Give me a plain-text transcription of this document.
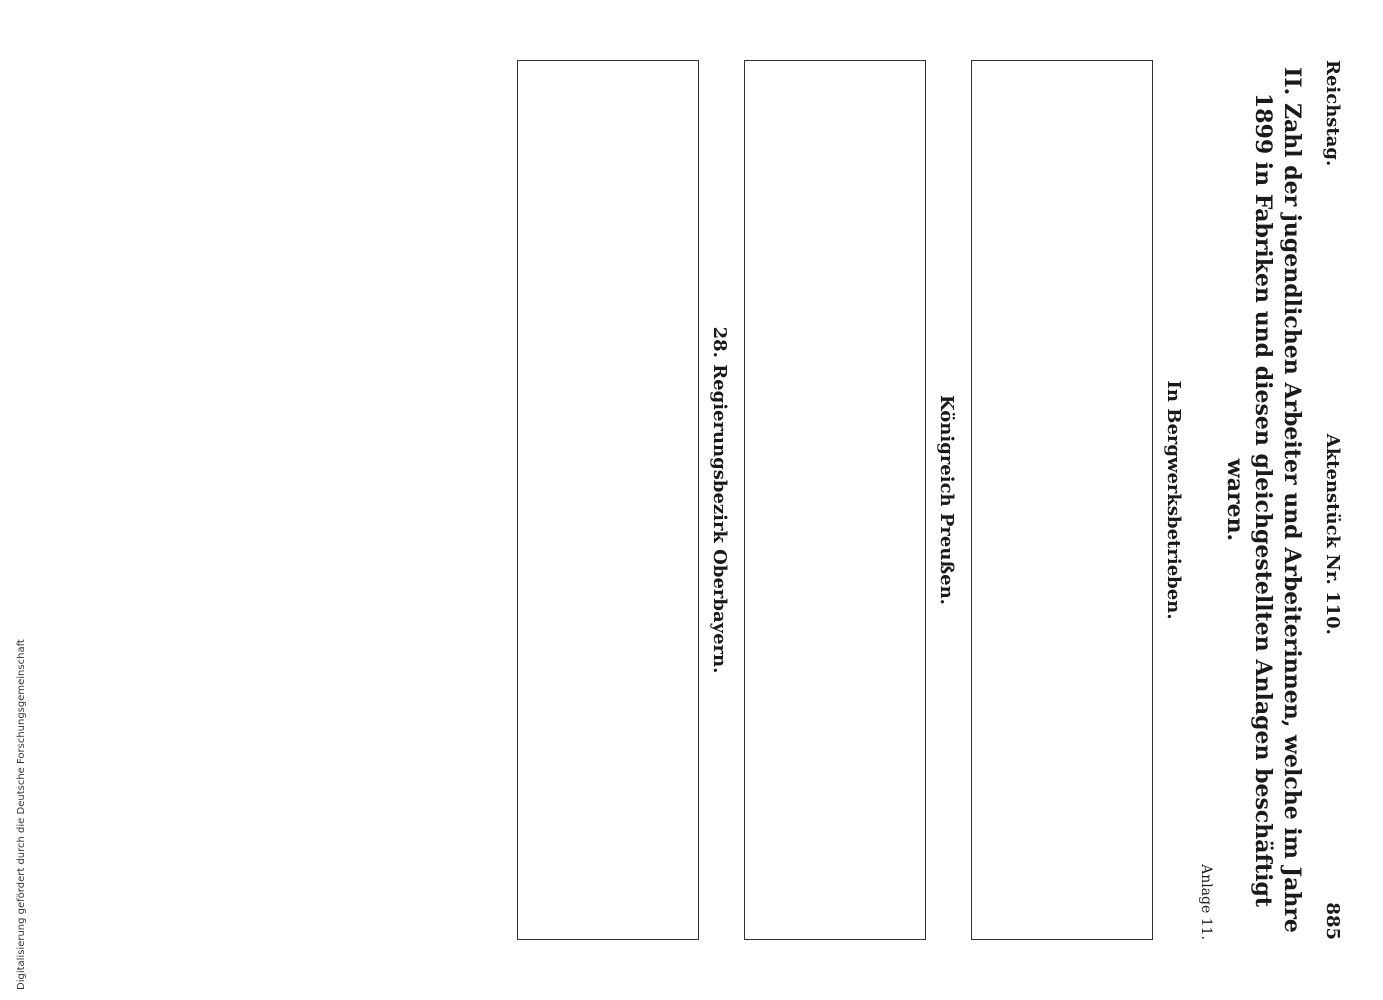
Reichstag.
Aktenstück Nr. 110.
885
II. Zahl der jugendlichen Arbeiter und Arbeiterinnen, welche im Jahre 1899 in Fabriken und diesen gleichgestellten Anlagen beschäftigt waren.
Anlage 11.
In Bergwerksbetrieben.
Königreich Preußen.
28. Regierungsbezirk Oberbayern.
Digitalisierung gefördert durch die Deutsche Forschungsgemeinschaft
